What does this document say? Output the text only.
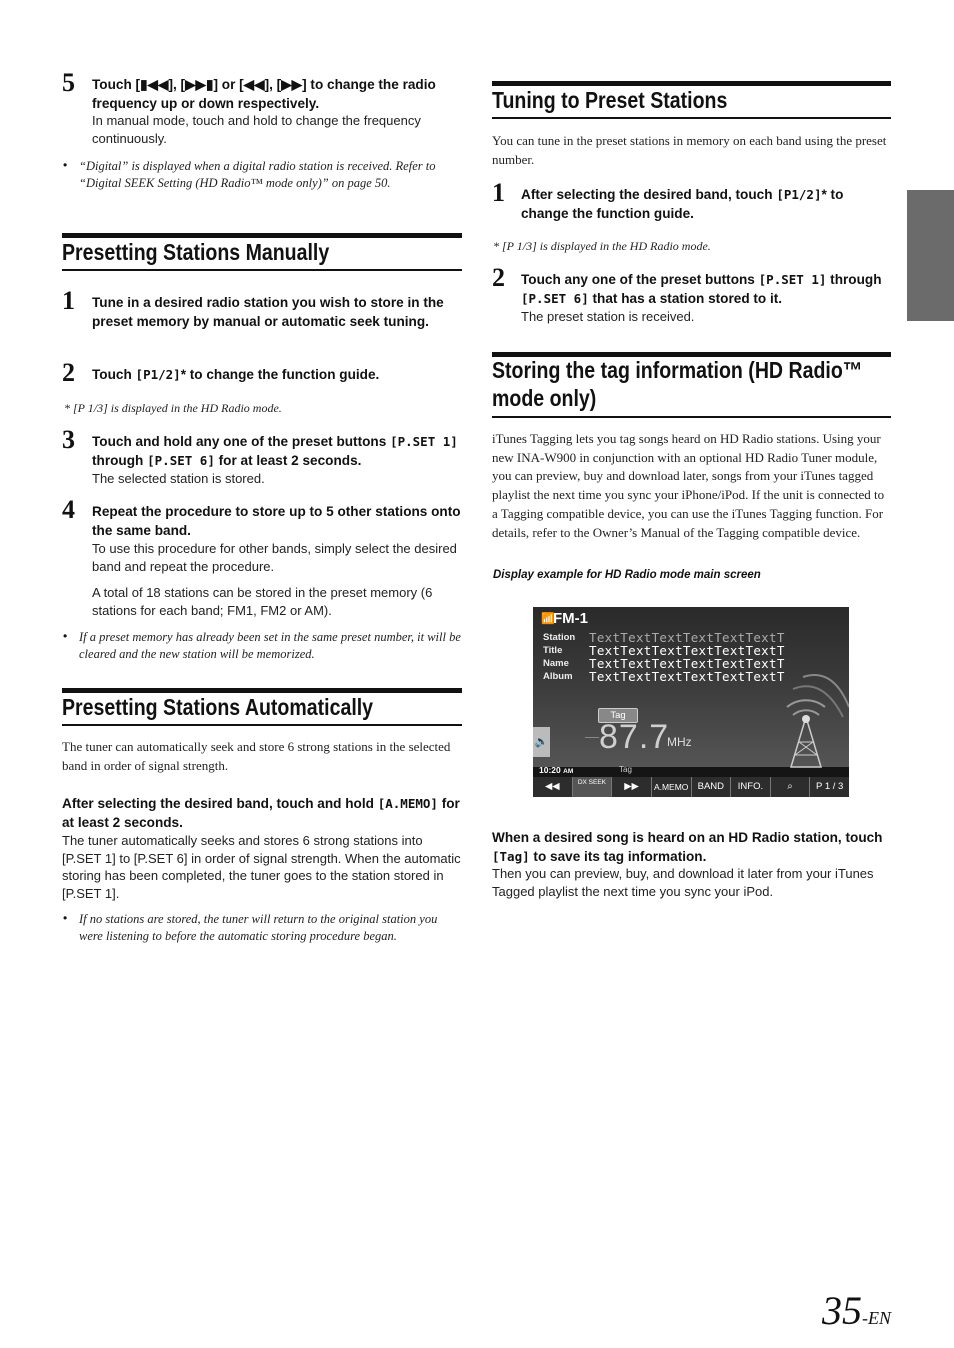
5 Touch [▮◀◀], [▶▶▮] or [◀◀], [▶▶] to change the radio frequency up or down respectively.
In manual mode, touch and hold to change the frequency continuously.
• “Digital” is displayed when a digital radio station is received. Refer to “Digital SEEK Setting (HD Radio™ mode only)” on page 50.
Presetting Stations Manually
1 Tune in a desired radio station you wish to store in the preset memory by manual or automatic seek tuning.
2 Touch [P1/2]* to change the function guide.
* [P 1/3] is displayed in the HD Radio mode.
3 Touch and hold any one of the preset buttons [P.SET 1] through [P.SET 6] for at least 2 seconds.
The selected station is stored.
4 Repeat the procedure to store up to 5 other stations onto the same band.
To use this procedure for other bands, simply select the desired band and repeat the procedure.
A total of 18 stations can be stored in the preset memory (6 stations for each band; FM1, FM2 or AM).
• If a preset memory has already been set in the same preset number, it will be cleared and the new station will be memorized.
Presetting Stations Automatically
The tuner can automatically seek and store 6 strong stations in the selected band in order of signal strength.
After selecting the desired band, touch and hold [A.MEMO] for at least 2 seconds.
The tuner automatically seeks and stores 6 strong stations into [P.SET 1] to [P.SET 6] in order of signal strength. When the automatic storing has been completed, the tuner goes to the station stored in [P.SET 1].
• If no stations are stored, the tuner will return to the original station you were listening to before the automatic storing procedure began.
Tuning to Preset Stations
You can tune in the preset stations in memory on each band using the preset number.
1 After selecting the desired band, touch [P1/2]* to change the function guide.
* [P 1/3] is displayed in the HD Radio mode.
2 Touch any one of the preset buttons [P.SET 1] through [P.SET 6] that has a station stored to it.
The preset station is received.
Storing the tag information (HD Radio™
mode only)
iTunes Tagging lets you tag songs heard on HD Radio stations. Using your new INA-W900 in conjunction with an optional HD Radio Tuner module, you can preview, buy and download later, songs from your iTunes tagged playlist the next time you sync your iPhone/iPod. If the unit is connected to a Tagging compatible device, you can use the iTunes Tagging function. For details, refer to the Owner’s Manual of the Tagging compatible device.
Display example for HD Radio mode main screen
📶
FM-1
Station
Title
Name
Album
TextTextTextTextTextTextT
TextTextTextTextTextTextT
TextTextTextTextTextTextT
TextTextTextTextTextTextT
Tag
🔊 87.7
MHz
10:20 AM	Tag
◀◀	DX SEEK	▶▶	A.MEMO BAND	INFO.	⌕	P 1 / 3
When a desired song is heard on an HD Radio station, touch [Tag] to save its tag information.
Then you can preview, buy, and download it later from your iTunes Tagged playlist the next time you sync your iPod.
35-EN
